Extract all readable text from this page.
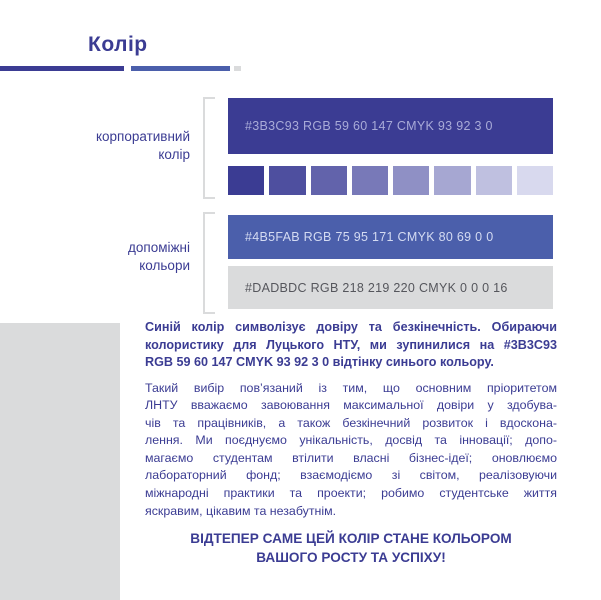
Колір
корпоративний
колір
#3B3C93 RGB 59 60 147 CMYK 93 92 3 0
допоміжні
кольори
#4B5FAB RGB 75 95 171 CMYK 80 69 0 0
#DADBDC RGB 218 219 220 CMYK 0 0 0 16
Синій колір символізує довіру та безкінечність. Обираючи
колористику для Луцького НТУ, ми зупинилися на #3B3C93
RGB 59 60 147 CMYK 93 92 3 0 відтінку синього кольору.
Такий вибір пов’язаний із тим, що основним пріоритетом
ЛНТУ вважаємо завоювання максимальної довіри у здобува-
чів та працівників, а також безкінечний розвиток і вдоскона-
лення. Ми поєднуємо унікальність, досвід та інновації; допо-
магаємо студентам втілити власні бізнес-ідеї; оновлюємо
лабораторний фонд; взаємодіємо зі світом, реалізовуючи
міжнародні практики та проекти; робимо студентське життя
яскравим, цікавим та незабутнім.
ВІДТЕПЕР САМЕ ЦЕЙ КОЛІР СТАНЕ КОЛЬОРОМ
ВАШОГО РОСТУ ТА УСПІХУ!
